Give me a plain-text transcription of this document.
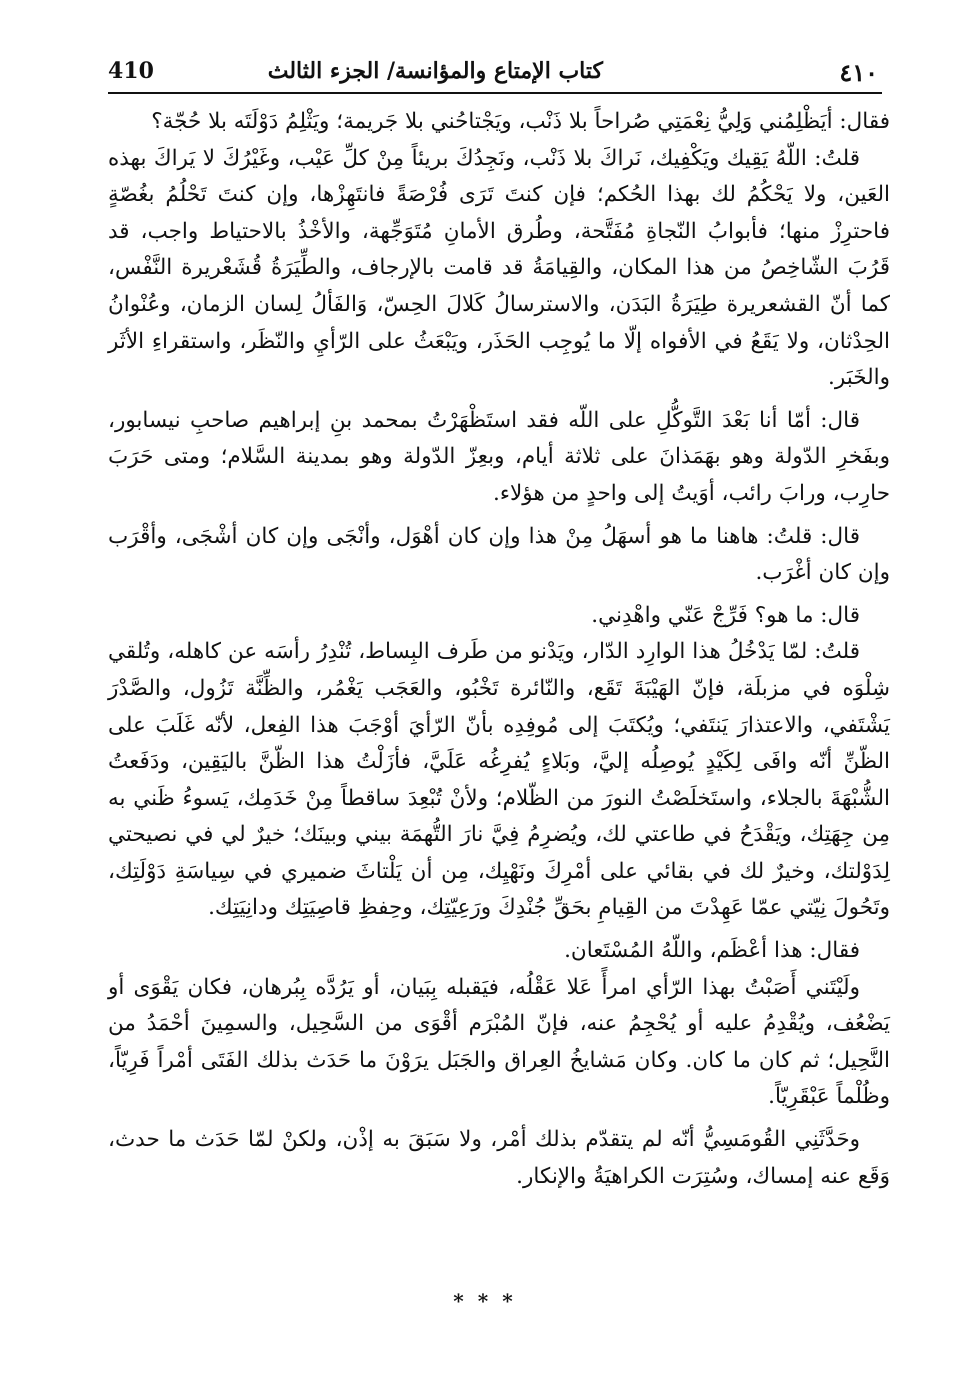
٤١٠
كتاب الإمتاع والمؤانسة/ الجزء الثالث
410

فقال: أيَظْلِمُني وَلِيُّ نِعْمَتِي صُراحاً بلا ذَنْب، ويَجْتاحُني بلا جَريمة؛ ويَثْلِمُ دَوْلَتَه بلا حُجّة؟

قلتُ: اللّهُ يَقِيك ويَكْفِيك، نَراكَ بلا ذَنْب، ونَجِدُكَ بريئاً مِنْ كلِّ عَيْب، وغَيْرُكَ لا يَراكَ بهذه العَين، ولا يَحْكُمُ لك بهذا الحُكم؛ فإن كنتَ تَرَى فُرْصَةً فانتَهِزْها، وإن كنتَ تَحْلُمُ بغُصّةٍ فاحترِزْ منها؛ فأبوابُ النّجاةِ مُفَتَّحة، وطُرق الأمانِ مُتَوَجِّهة، والأخْذُ بالاحتياط واجب، قد قَرُبَ الشّاخِصُ من هذا المكان، والقِيامَةُ قد قامت بالإرجاف، والطِّيَرَةُ قُشَعْريرة النَّفْس، كما أنّ القشعريرة طِيَرَةُ البَدَن، والاسترسالُ كَلالَ الحِسّ، وَالفَألُ لِسان الزمان، وعُنْوانُ الحِدْثان، ولا يَقَعُ في الأفواه إلّا ما يُوجِب الحَذَر، ويَبْعَثُ على الرّأيِ والنّظَر، واستقراءِ الأثَر والخَبَر.

قال: أمّا أنا بَعْدَ التَّوكُّلِ على اللّه فقد استَظْهَرْتُ بمحمد بنِ إبراهيم صاحبِ نيسابور، وبفَخرِ الدّولة وهو بهَمَذانَ على ثلاثة أيام، وبعِزّ الدّولة وهو بمدينة السَّلام؛ ومتى حَرَبَ حارِب، ورابَ رائب، أوَيتُ إلى واحدٍ من هؤلاء.

قال: قلتُ: هاهنا ما هو أسهَلُ مِنْ هذا وإن كان أهْوَل، وأنْجَى وإن كان أشْجَى، وأقْرَب وإن كان أغْرَب.

قال: ما هو؟ فَرِّجْ عَنّي واهْدِني.

قلتُ: لمّا يَدْخُلُ هذا الوارِد الدّار، ويَدْنو من طَرف البِساط، تُنْدِرُ رأسَه عن كاهله، وتُلقي شِلْوَه في مزبلَة، فإنّ الهَيْبَةَ تَقَع، والنّائرة تَخْبُو، والعَجَب يَغْمُر، والظِّنَّة تَزُول، والصَّدْرَ يَشْتَفي، والاعتذارَ يَنتَفي؛ ويُكتَبَ إلى مُوفِدِه بأنّ الرّأيَ أوْجَبَ هذا الفِعل، لأنّه غَلَبَ على الظّنِّ أنّه وافَى لِكَيْدٍ يُوصِلُه إليَّ، وبَلاءٍ يُفرِغُه عَلَيَّ، فأزَلْتُ هذا الظّنَّ باليَقِين، ودَفَعتُ الشُّبْهَةَ بالجلاء، واستَخلَصْتُ النورَ من الظّلام؛ ولأنْ تُبْعِدَ ساقطاً مِنْ خَدَمِك، يَسوءُ ظَني به مِن جِهَتِك، ويَقْدَحُ في طاعتي لك، ويُضرِمُ فِيَّ نارَ التُّهمَة بيني وبينَك؛ خيرٌ لي في نصيحتي لِدَوْلتك، وخيرٌ لك في بقائي على أمْرِكَ ونَهْيِك، مِن أن يَلْتاثَ ضميري في سِياسَةِ دَوْلَتِك، وتَحُولَ نِيّتي عمّا عَهِدْتَ من القِيامِ بحَقِّ جُنْدِكَ ورَعِيّتِك، وحِفظِ قاصِيَتِك ودانِيَتِك.

فقال: هذا أعْظَم، واللّهُ المُسْتَعان.

ولَيْتَني أَصَبْتُ بهذا الرّأي امرأً عَلا عَقْلُه، فيَقبله بِبَيان، أو يَرُدَّه بِبُرهان، فكان يَقْوَى أو يَضْعُف، ويُقْدِمُ عليه أو يُحْجِمُ عنه، فإنّ المُبْرَم أقْوَى من السَّحِيل، والسمِينَ أحْمَدُ من النَّحِيل؛ ثم كان ما كان. وكان مَشايخُ العِراق والجَبَل يرَوْنَ ما حَدَث بذلك الفَتَى أمْراً فَرِيّاً، وظُلْماً عَبْقَرِيّاً.

وحَدَّثَنِي القُومَسِيُّ أنّه لم يتقدّم بذلك أمْر، ولا سَبَقَ به إذْن، ولكنْ لمّا حَدَث ما حدث، وَقَع عنه إمساك، وسُتِرَت الكراهيَةُ والإنكار.

***
